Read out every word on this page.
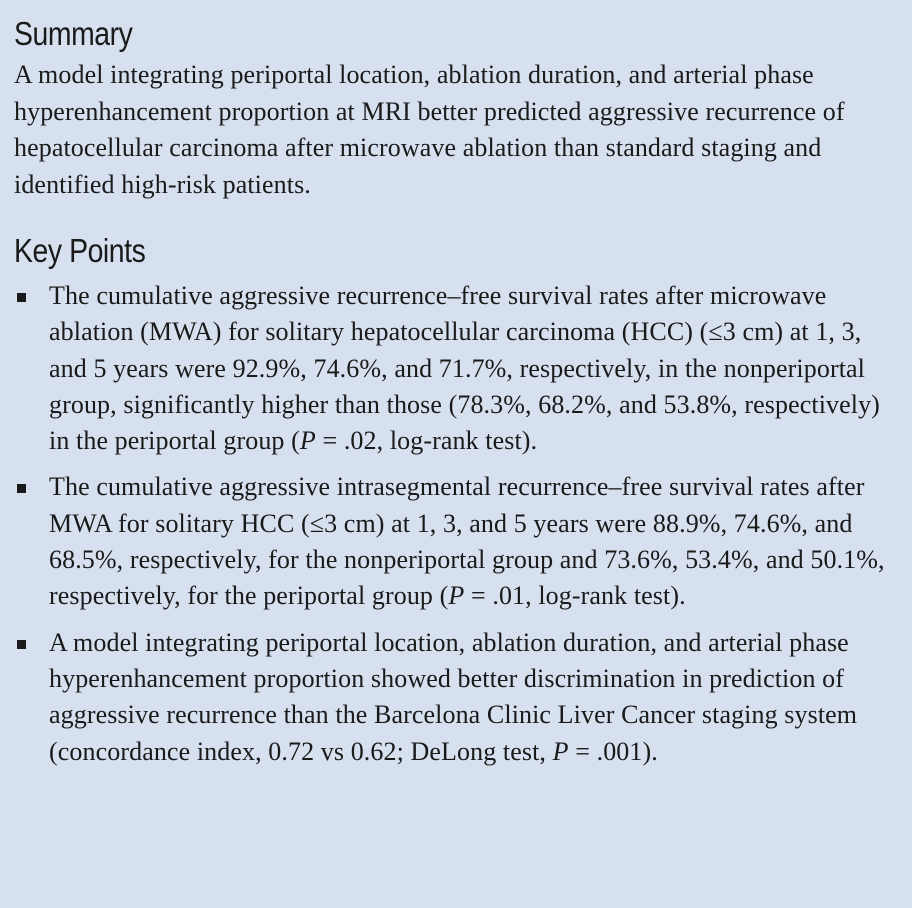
Summary

A model integrating periportal location, ablation duration, and arterial phase hyperenhancement proportion at MRI better predicted aggressive recurrence of hepatocellular carcinoma after microwave ablation than standard staging and identified high-risk patients.

Key Points
The cumulative aggressive recurrence–free survival rates after microwave ablation (MWA) for solitary hepatocellular carcinoma (HCC) (≤3 cm) at 1, 3, and 5 years were 92.9%, 74.6%, and 71.7%, respectively, in the nonperiportal group, significantly higher than those (78.3%, 68.2%, and 53.8%, respectively) in the periportal group (P = .02, log-rank test).
The cumulative aggressive intrasegmental recurrence–free survival rates after MWA for solitary HCC (≤3 cm) at 1, 3, and 5 years were 88.9%, 74.6%, and 68.5%, respectively, for the nonperiportal group and 73.6%, 53.4%, and 50.1%, respectively, for the periportal group (P = .01, log-rank test).
A model integrating periportal location, ablation duration, and arterial phase hyperenhancement proportion showed better discrimination in prediction of aggressive recurrence than the Barcelona Clinic Liver Cancer staging system (concordance index, 0.72 vs 0.62; DeLong test, P = .001).
